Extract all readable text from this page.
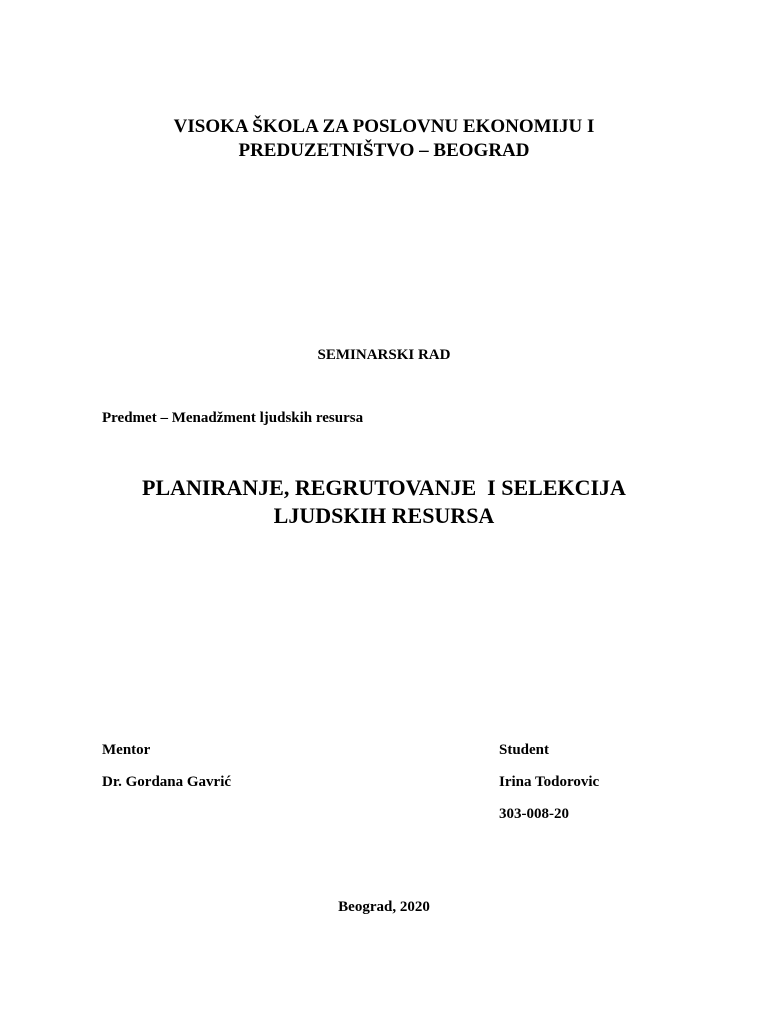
VISOKA ŠKOLA ZA POSLOVNU EKONOMIJU I
PREDUZETNIŠTVO – BEOGRAD
SEMINARSKI RAD
Predmet – Menadžment ljudskih resursa
PLANIRANJE, REGRUTOVANJE  I SELEKCIJA
LJUDSKIH RESURSA
Mentor
Dr. Gordana Gavrić
Student
Irina Todorovic
303-008-20
Beograd, 2020
